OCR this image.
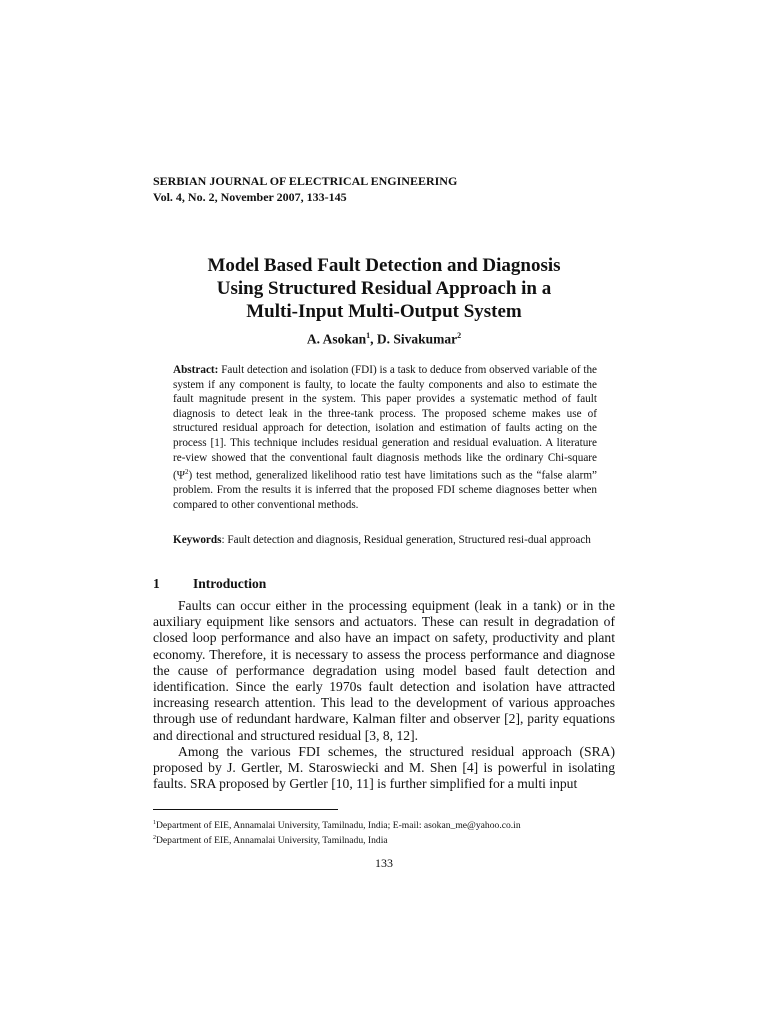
SERBIAN JOURNAL OF ELECTRICAL ENGINEERING
Vol. 4, No. 2, November 2007, 133-145
Model Based Fault Detection and Diagnosis
Using Structured Residual Approach in a
Multi-Input Multi-Output System
A. Asokan$^1$, D. Sivakumar$^2$
Abstract: Fault detection and isolation (FDI) is a task to deduce from observed variable of the system if any component is faulty, to locate the faulty components and also to estimate the fault magnitude present in the system. This paper provides a systematic method of fault diagnosis to detect leak in the three-tank process. The proposed scheme makes use of structured residual approach for detection, isolation and estimation of faults acting on the process [1]. This technique includes residual generation and residual evaluation. A literature re-view showed that the conventional fault diagnosis methods like the ordinary Chi-square $(\Psi^2)$ test method, generalized likelihood ratio test have limitations such as the “false alarm” problem. From the results it is inferred that the proposed FDI scheme diagnoses better when compared to other conventional methods.
Keywords: Fault detection and diagnosis, Residual generation, Structured resi-dual approach
1 Introduction

Faults can occur either in the processing equipment (leak in a tank) or in the auxiliary equipment like sensors and actuators. These can result in degradation of closed loop performance and also have an impact on safety, productivity and plant economy. Therefore, it is necessary to assess the process performance and diagnose the cause of performance degradation using model based fault detection and identification. Since the early 1970s fault detection and isolation have attracted increasing research attention. This lead to the development of various approaches through use of redundant hardware, Kalman filter and observer [2], parity equations and directional and structured residual [3, 8, 12].

Among the various FDI schemes, the structured residual approach (SRA) proposed by J. Gertler, M. Staroswiecki and M. Shen [4] is powerful in isolating faults. SRA proposed by Gertler [10, 11] is further simplified for a multi input

$^1$Department of EIE, Annamalai University, Tamilnadu, India; E-mail: asokan_me@yahoo.co.in
$^2$Department of EIE, Annamalai University, Tamilnadu, India
133
